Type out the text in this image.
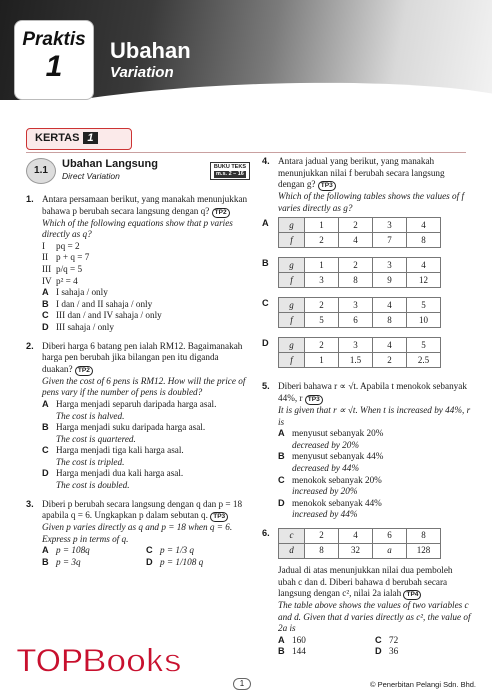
Praktis
1	Ubahan
Variation
KERTAS 1
1.1
Ubahan Langsung
Direct Variation
BUKU TEKS
m.s. 2 – 16
1. Antara persamaan berikut, yang manakah menunjukkan bahawa p berubah secara langsung dengan q? TP2
Which of the following equations show that p varies directly as q?
I	pq = 2
II p + q = 7
III p/q = 5
IV p² = 4
A I sahaja / only
B I dan / and II sahaja / only
C III dan / and IV sahaja / only
D III sahaja / only
2. Diberi harga 6 batang pen ialah RM12. Bagaimanakah harga pen berubah jika bilangan pen itu diganda duakan? TP2
Given the cost of 6 pens is RM12. How will the price of pens vary if the number of pens is doubled?
A Harga menjadi separuh daripada harga asal.
The cost is halved.
B Harga menjadi suku daripada harga asal.
The cost is quartered.
C Harga menjadi tiga kali harga asal.
The cost is tripled.
D Harga menjadi dua kali harga asal.
The cost is doubled.
3. Diberi p berubah secara langsung dengan q dan p = 18 apabila q = 6. Ungkapkan p dalam sebutan q. TP3
Given p varies directly as q and p = 18 when q = 6. Express p in terms of q.
A p = 108q	C p = 1/3 q
B p = 3q	D p = 1/108 q
4. Antara jadual yang berikut, yang manakah menunjukkan nilai f berubah secara langsung dengan g? TP3
Which of the following tables shows the values of f varies directly as g?
A	g	1	2	3	4
f	2	4	7	8
B	g	1	2	3	4
f	3	8	9	12
C	g	2	3	4	5
f	5	6	8	10
D	g	2	3	4	5
f	1	1.5	2	2.5
5. Diberi bahawa r ∝ √t. Apabila t menokok sebanyak 44%, r TP3
It is given that r ∝ √t. When t is increased by 44%, r is
A menyusut sebanyak 20%
decreased by 20%
B menyusut sebanyak 44%
decreased by 44%
C menokok sebanyak 20%
increased by 20%
D menokok sebanyak 44%
increased by 44%
6. c	2	4	6	8
d	8	32	a	128
Jadual di atas menunjukkan nilai dua pemboleh ubah c dan d. Diberi bahawa d berubah secara langsung dengan c², nilai 2a ialah TP4
The table above shows the values of two variables c and d. Given that d varies directly as c², the value of 2a is
A 160	C 72
B 144	D 36
TOPBooks
1	© Penerbitan Pelangi Sdn. Bhd.
